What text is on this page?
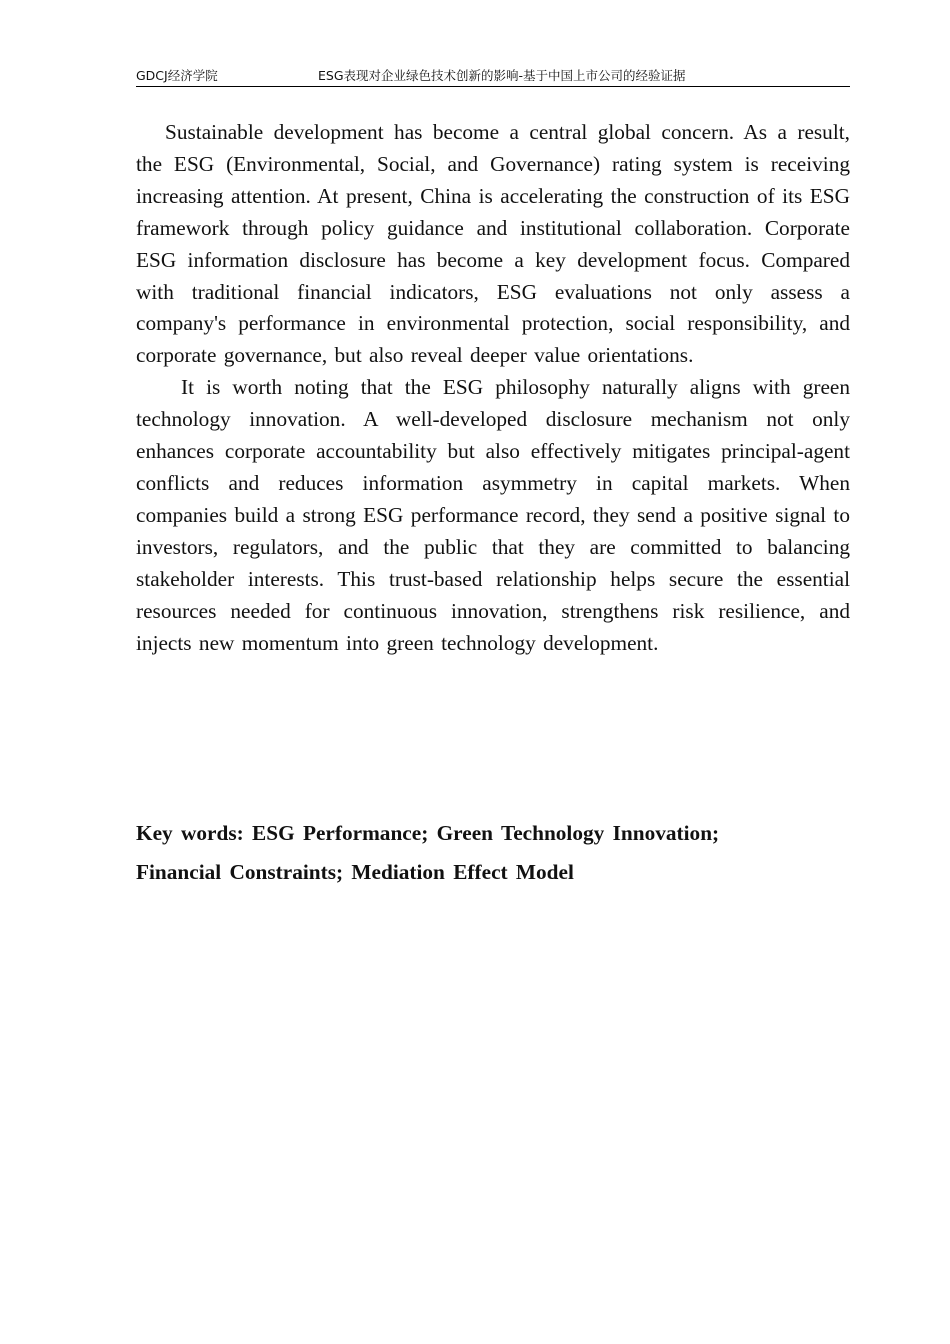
GDCJ经济学院	ESG表现对企业绿色技术创新的影响-基于中国上市公司的经验证据

Sustainable development has become a central global concern. As a result, the ESG (Environmental, Social, and Governance) rating system is receiving increasing attention. At present, China is accelerating the construction of its ESG framework through policy guidance and institutional collaboration. Corporate ESG information disclosure has become a key development focus. Compared with traditional financial indicators, ESG evaluations not only assess a company's performance in environmental protection, social responsibility, and corporate governance, but also reveal deeper value orientations.

It is worth noting that the ESG philosophy naturally aligns with green technology innovation. A well-developed disclosure mechanism not only enhances corporate accountability but also effectively mitigates principal-agent conflicts and reduces information asymmetry in capital markets. When companies build a strong ESG performance record, they send a positive signal to investors, regulators, and the public that they are committed to balancing stakeholder interests. This trust-based relationship helps secure the essential resources needed for continuous innovation, strengthens risk resilience, and injects new momentum into green technology development.

Key words: ESG Performance; Green Technology Innovation;
Financial Constraints; Mediation Effect Model
